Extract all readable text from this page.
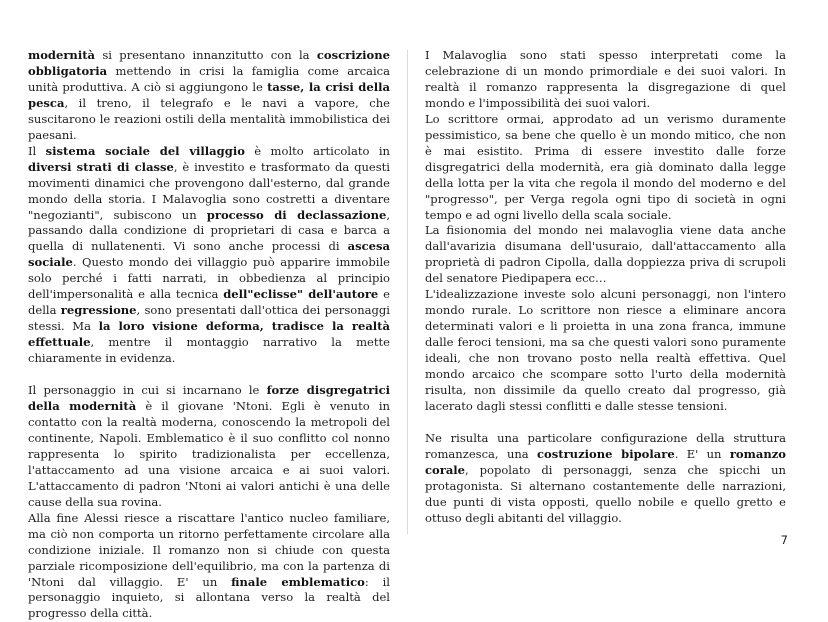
modernità si presentano innanzitutto con la coscrizione obbligatoria mettendo in crisi la famiglia come arcaica unità produttiva. A ciò si aggiungono le tasse, la crisi della pesca, il treno, il telegrafo e le navi a vapore, che suscitarono le reazioni ostili della mentalità immobilistica dei paesani.

Il sistema sociale del villaggio è molto articolato in diversi strati di classe, è investito e trasformato da questi movimenti dinamici che provengono dall'esterno, dal grande mondo della storia. I Malavoglia sono costretti a diventare "negozianti", subiscono un processo di declassazione, passando dalla condizione di proprietari di casa e barca a quella di nullatenenti. Vi sono anche processi di ascesa sociale. Questo mondo dei villaggio può apparire immobile solo perché i fatti narrati, in obbedienza al principio dell'impersonalità e alla tecnica dell"eclisse" dell'autore e della regressione, sono presentati dall'ottica dei personaggi stessi. Ma la loro visione deforma, tradisce la realtà effettuale, mentre il montaggio narrativo la mette chiaramente in evidenza.

Il personaggio in cui si incarnano le forze disgregatrici della modernità è il giovane 'Ntoni. Egli è venuto in contatto con la realtà moderna, conoscendo la metropoli del continente, Napoli. Emblematico è il suo conflitto col nonno rappresenta lo spirito tradizionalista per eccellenza, l'attaccamento ad una visione arcaica e ai suoi valori. L'attaccamento di padron 'Ntoni ai valori antichi è una delle cause della sua rovina.

Alla fine Alessi riesce a riscattare l'antico nucleo familiare, ma ciò non comporta un ritorno perfettamente circolare alla condizione iniziale. Il romanzo non si chiude con questa parziale ricomposizione dell'equilibrio, ma con la partenza di 'Ntoni dal villaggio. E' un finale emblematico: il personaggio inquieto, si allontana verso la realtà del progresso della città.

I Malavoglia sono stati spesso interpretati come la celebrazione di un mondo primordiale e dei suoi valori. In realtà il romanzo rappresenta la disgregazione di quel mondo e l'impossibilità dei suoi valori.

Lo scrittore ormai, approdato ad un verismo duramente pessimistico, sa bene che quello è un mondo mitico, che non è mai esistito. Prima di essere investito dalle forze disgregatrici della modernità, era già dominato dalla legge della lotta per la vita che regola il mondo del moderno e del "progresso", per Verga regola ogni tipo di società in ogni tempo e ad ogni livello della scala sociale.

La fisionomia del mondo nei malavoglia viene data anche dall'avarizia disumana dell'usuraio, dall'attaccamento alla proprietà di padron Cipolla, dalla doppiezza priva di scrupoli del senatore Piedipapera ecc…

L'idealizzazione investe solo alcuni personaggi, non l'intero mondo rurale. Lo scrittore non riesce a eliminare ancora determinati valori e li proietta in una zona franca, immune dalle feroci tensioni, ma sa che questi valori sono puramente ideali, che non trovano posto nella realtà effettiva. Quel mondo arcaico che scompare sotto l'urto della modernità risulta, non dissimile da quello creato dal progresso, già lacerato dagli stessi conflitti e dalle stesse tensioni.

Ne risulta una particolare configurazione della struttura romanzesca, una costruzione bipolare. E' un romanzo corale, popolato di personaggi, senza che spicchi un protagonista. Si alternano costantemente delle narrazioni, due punti di vista opposti, quello nobile e quello gretto e ottuso degli abitanti del villaggio.

7
